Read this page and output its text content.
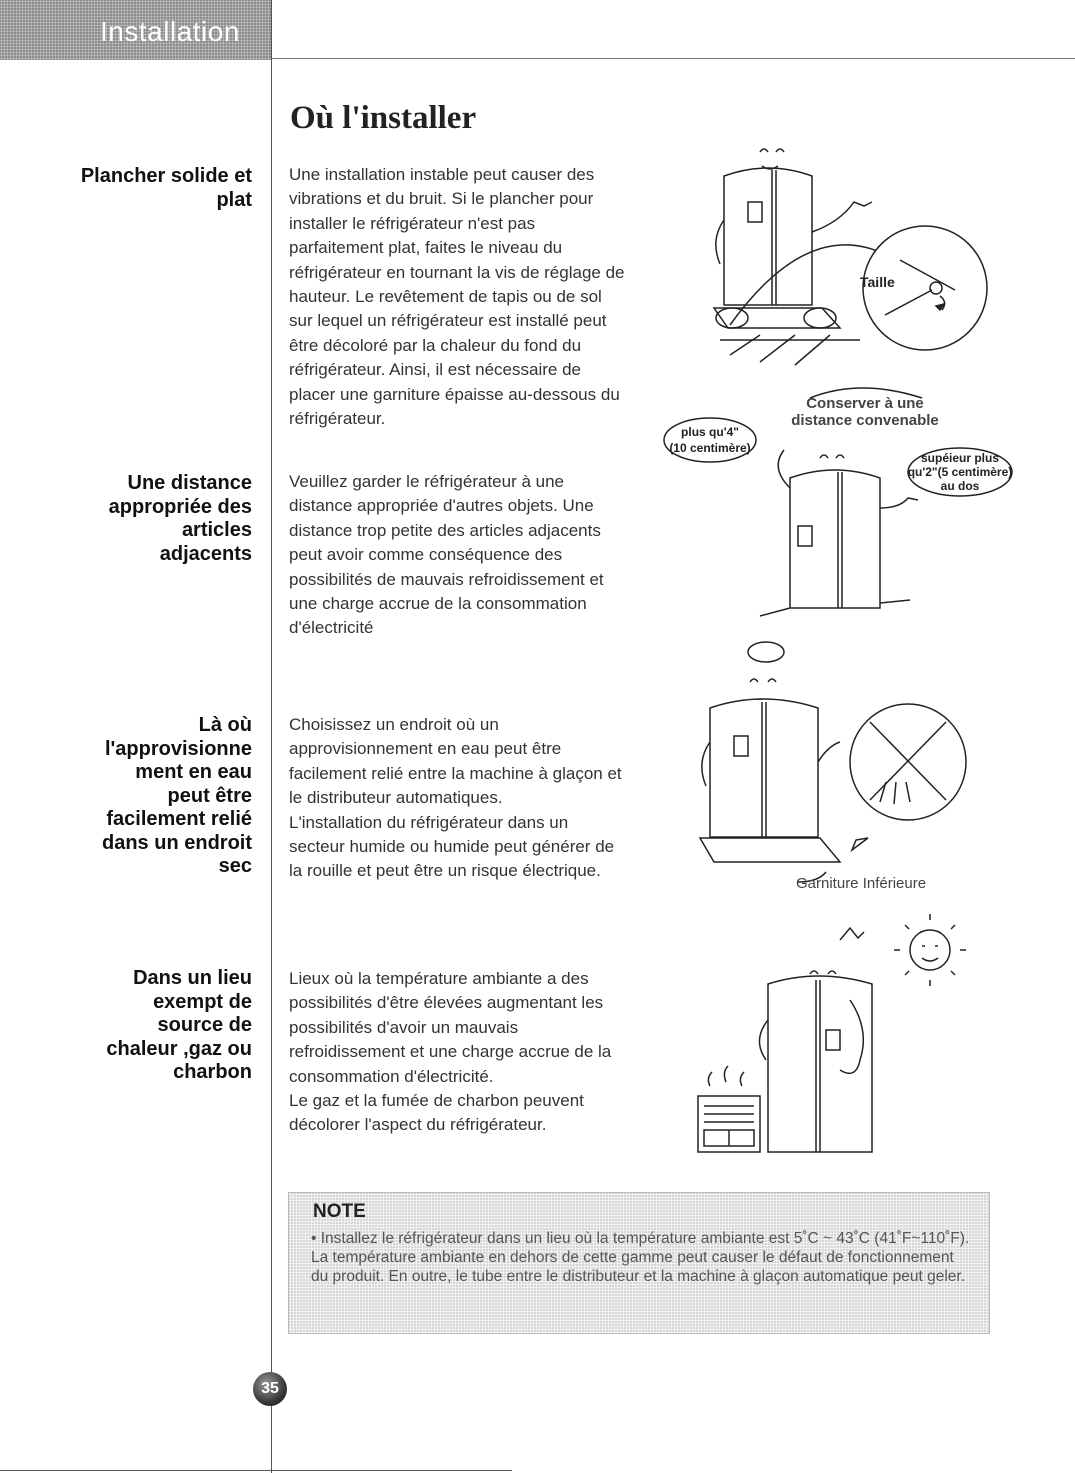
Installation
Où l'installer
Plancher solide et
plat

Une installation instable peut causer des
vibrations et du bruit. Si le plancher pour
installer le réfrigérateur n'est pas
parfaitement plat, faites le niveau du
réfrigérateur en tournant la vis de réglage de
hauteur. Le revêtement de tapis ou de sol
sur lequel un réfrigérateur est installé peut
être décoloré par la chaleur du fond du
réfrigérateur. Ainsi, il est nécessaire de
placer une garniture épaisse au-dessous du
réfrigérateur.

Taille
Une distance
appropriée des
articles
adjacents

Veuillez garder le réfrigérateur à une
distance appropriée d'autres objets. Une
distance trop petite des articles adjacents
peut avoir comme conséquence des
possibilités de mauvais refroidissement et
une charge accrue de la consommation
d'électricité

Conserver à une
distance convenable
plus qu'4"
(10 centimère)
supéieur plus
qu'2"(5 centimère)
au dos
Là où
l'approvisionne
ment en eau
peut être
facilement relié
dans un endroit
sec

Choisissez un endroit où un
approvisionnement en eau peut être
facilement relié entre la machine à glaçon et
le distributeur automatiques.

L'installation du réfrigérateur dans un
secteur humide ou humide peut générer de
la rouille et peut être un risque électrique.

Garniture Inférieure
Dans un lieu
exempt de
source de
chaleur ,gaz ou
charbon

Lieux où la température ambiante a des
possibilités d'être élevées augmentant les
possibilités d'avoir un mauvais
refroidissement et une charge accrue de la
consommation d'électricité.

Le gaz et la fumée de charbon peuvent
décolorer l'aspect du réfrigérateur.

NOTE
• Installez le réfrigérateur dans un lieu où la température ambiante est 5˚C ~ 43˚C (41˚F~110˚F). La température ambiante en dehors de cette gamme peut causer le défaut de fonctionnement du produit. En outre, le tube entre le distributeur et la machine à glaçon automatique peut geler.
35
